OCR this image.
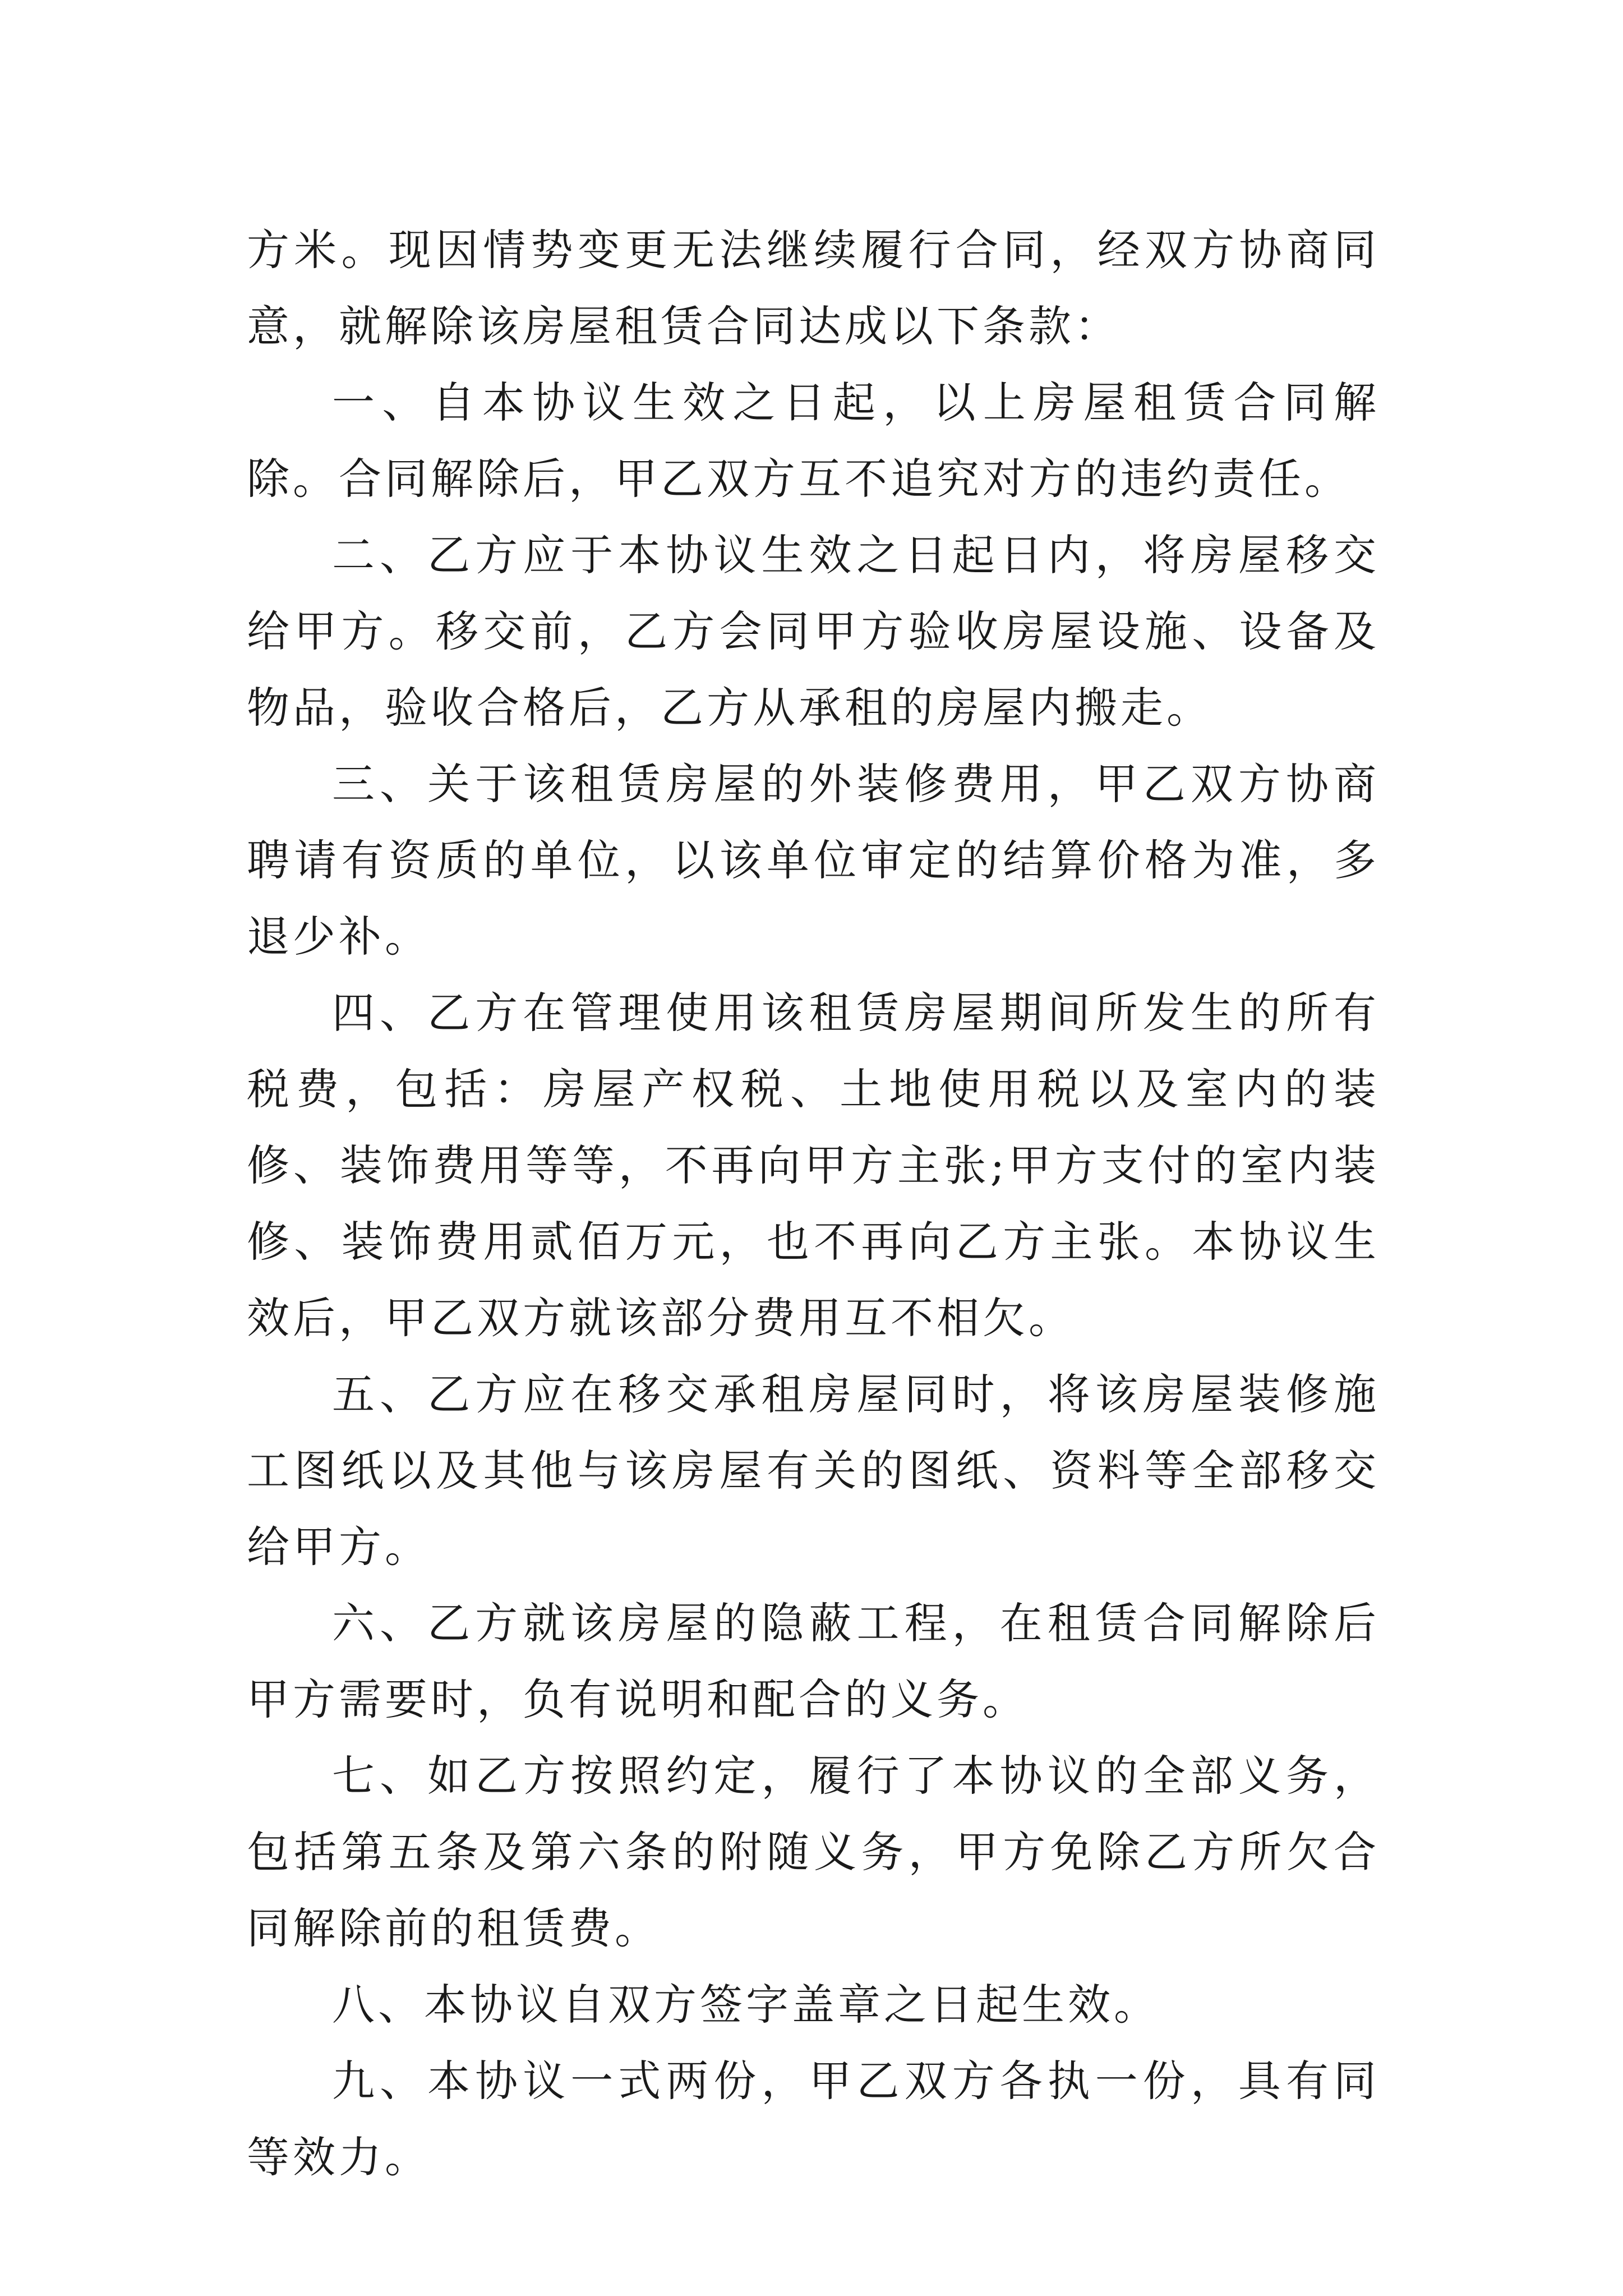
方米。现因情势变更无法继续履行合同，经双方协商同意，就解除该房屋租赁合同达成以下条款：

一、自本协议生效之日起，以上房屋租赁合同解除。合同解除后，甲乙双方互不追究对方的违约责任。

二、乙方应于本协议生效之日起日内，将房屋移交给甲方。移交前，乙方会同甲方验收房屋设施、设备及物品，验收合格后，乙方从承租的房屋内搬走。

三、关于该租赁房屋的外装修费用，甲乙双方协商聘请有资质的单位，以该单位审定的结算价格为准，多退少补。

四、乙方在管理使用该租赁房屋期间所发生的所有税费，包括：房屋产权税、土地使用税以及室内的装修、装饰费用等等，不再向甲方主张;甲方支付的室内装修、装饰费用贰佰万元，也不再向乙方主张。本协议生效后，甲乙双方就该部分费用互不相欠。

五、乙方应在移交承租房屋同时，将该房屋装修施工图纸以及其他与该房屋有关的图纸、资料等全部移交给甲方。

六、乙方就该房屋的隐蔽工程，在租赁合同解除后甲方需要时，负有说明和配合的义务。

七、如乙方按照约定，履行了本协议的全部义务，包括第五条及第六条的附随义务，甲方免除乙方所欠合同解除前的租赁费。

八、本协议自双方签字盖章之日起生效。

九、本协议一式两份，甲乙双方各执一份，具有同等效力。
